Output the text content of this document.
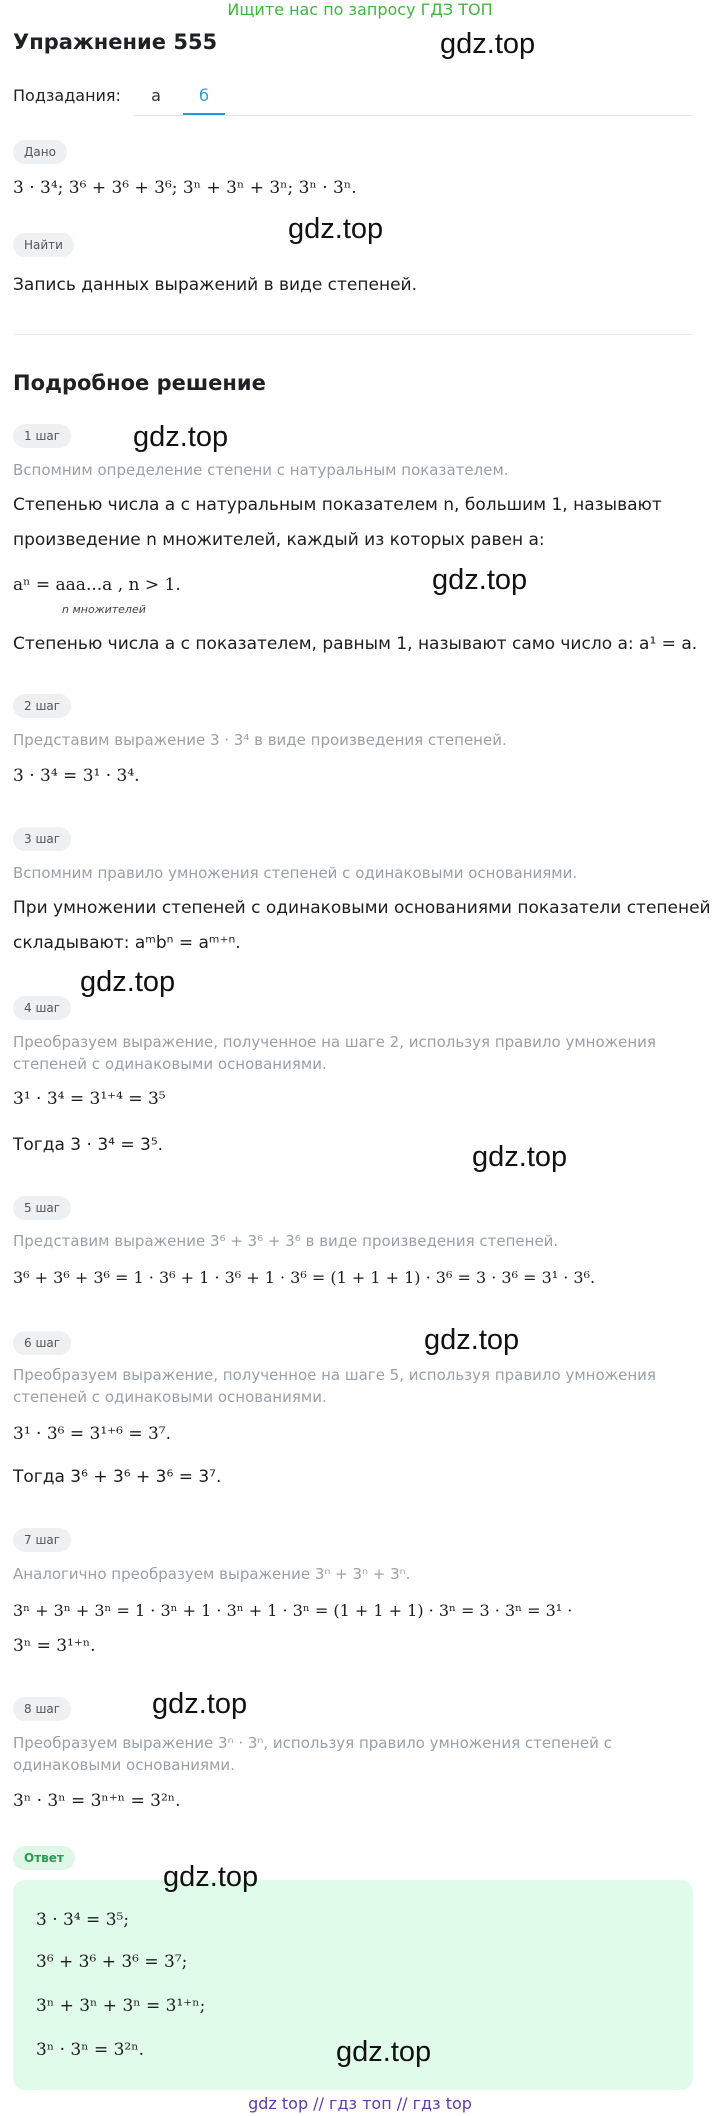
Ищите нас по запросу ГДЗ ТОП
Упражнение 555	gdz.top
Подзадания:	а	б
Дано
3 · 3⁴; 3⁶ + 3⁶ + 3⁶; 3ⁿ + 3ⁿ + 3ⁿ; 3ⁿ · 3ⁿ.
gdz.top
Найти
Запись данных выражений в виде степеней.
Подробное решение
1 шаг	gdz.top
Вспомним определение степени с натуральным показателем.
Степенью числа a с натуральным показателем n, большим 1, называют
произведение n множителей, каждый из которых равен a:
aⁿ = aaa...a , n > 1.
n множителей
gdz.top
Степенью числа a с показателем, равным 1, называют само число a: a¹ = a.
2 шаг
Представим выражение 3 · 3⁴ в виде произведения степеней.
3 · 3⁴ = 3¹ · 3⁴.
3 шаг
Вспомним правило умножения степеней с одинаковыми основаниями.
При умножении степеней с одинаковыми основаниями показатели степеней
складывают: aᵐbⁿ = aᵐ⁺ⁿ.
gdz.top
4 шаг
Преобразуем выражение, полученное на шаге 2, используя правило умножения
степеней с одинаковыми основаниями.
3¹ · 3⁴ = 3¹⁺⁴ = 3⁵
Тогда 3 · 3⁴ = 3⁵.	gdz.top
5 шаг
Представим выражение 3⁶ + 3⁶ + 3⁶ в виде произведения степеней.
3⁶ + 3⁶ + 3⁶ = 1 · 3⁶ + 1 · 3⁶ + 1 · 3⁶ = (1 + 1 + 1) · 3⁶ = 3 · 3⁶ = 3¹ · 3⁶.
6 шаг	gdz.top
Преобразуем выражение, полученное на шаге 5, используя правило умножения
степеней с одинаковыми основаниями.
3¹ · 3⁶ = 3¹⁺⁶ = 3⁷.
Тогда 3⁶ + 3⁶ + 3⁶ = 3⁷.
7 шаг
Аналогично преобразуем выражение 3ⁿ + 3ⁿ + 3ⁿ.
3ⁿ + 3ⁿ + 3ⁿ = 1 · 3ⁿ + 1 · 3ⁿ + 1 · 3ⁿ = (1 + 1 + 1) · 3ⁿ = 3 · 3ⁿ = 3¹ ·
3ⁿ = 3¹⁺ⁿ.
8 шаг	gdz.top
Преобразуем выражение 3ⁿ · 3ⁿ, используя правило умножения степеней с
одинаковыми основаниями.
3ⁿ · 3ⁿ = 3ⁿ⁺ⁿ = 3²ⁿ.
Ответ
gdz.top
3 · 3⁴ = 3⁵;
3⁶ + 3⁶ + 3⁶ = 3⁷;
3ⁿ + 3ⁿ + 3ⁿ = 3¹⁺ⁿ;
3ⁿ · 3ⁿ = 3²ⁿ.	gdz.top
gdz top // гдз топ // гдз top
